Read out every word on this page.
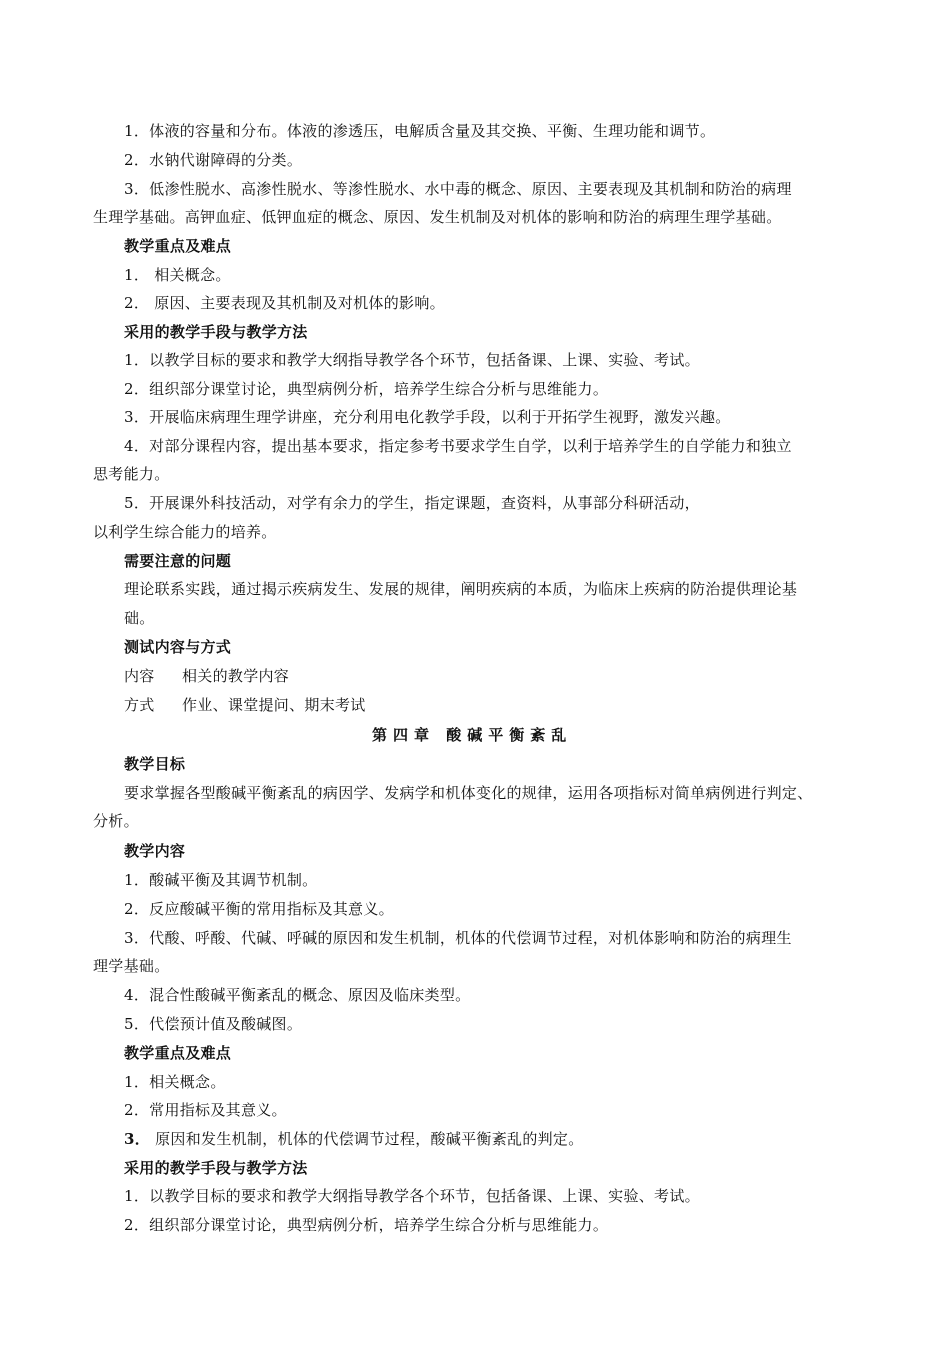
1．体液的容量和分布。体液的渗透压，电解质含量及其交换、平衡、生理功能和调节。
2．水钠代谢障碍的分类。
3．低渗性脱水、高渗性脱水、等渗性脱水、水中毒的概念、原因、主要表现及其机制和防治的病理
生理学基础。高钾血症、低钾血症的概念、原因、发生机制及对机体的影响和防治的病理生理学基础。
教学重点及难点
1． 相关概念。
2． 原因、主要表现及其机制及对机体的影响。
采用的教学手段与教学方法
1．以教学目标的要求和教学大纲指导教学各个环节，包括备课、上课、实验、考试。
2．组织部分课堂讨论，典型病例分析，培养学生综合分析与思维能力。
3．开展临床病理生理学讲座，充分利用电化教学手段，以利于开拓学生视野，激发兴趣。
4．对部分课程内容，提出基本要求，指定参考书要求学生自学，以利于培养学生的自学能力和独立
思考能力。
5．开展课外科技活动，对学有余力的学生，指定课题，查资料，从事部分科研活动，
以利学生综合能力的培养。
需要注意的问题
理论联系实践，通过揭示疾病发生、发展的规律，阐明疾病的本质，为临床上疾病的防治提供理论基
础。
测试内容与方式
内容 相关的教学内容
方式 作业、课堂提问、期末考试
第四章 酸碱平衡紊乱
教学目标
要求掌握各型酸碱平衡紊乱的病因学、发病学和机体变化的规律，运用各项指标对简单病例进行判定、
分析。
教学内容
1．酸碱平衡及其调节机制。
2．反应酸碱平衡的常用指标及其意义。
3．代酸、呼酸、代碱、呼碱的原因和发生机制，机体的代偿调节过程，对机体影响和防治的病理生
理学基础。
4．混合性酸碱平衡紊乱的概念、原因及临床类型。
5．代偿预计值及酸碱图。
教学重点及难点
1．相关概念。
2．常用指标及其意义。
3． 原因和发生机制，机体的代偿调节过程，酸碱平衡紊乱的判定。
采用的教学手段与教学方法
1．以教学目标的要求和教学大纲指导教学各个环节，包括备课、上课、实验、考试。
2．组织部分课堂讨论，典型病例分析，培养学生综合分析与思维能力。
